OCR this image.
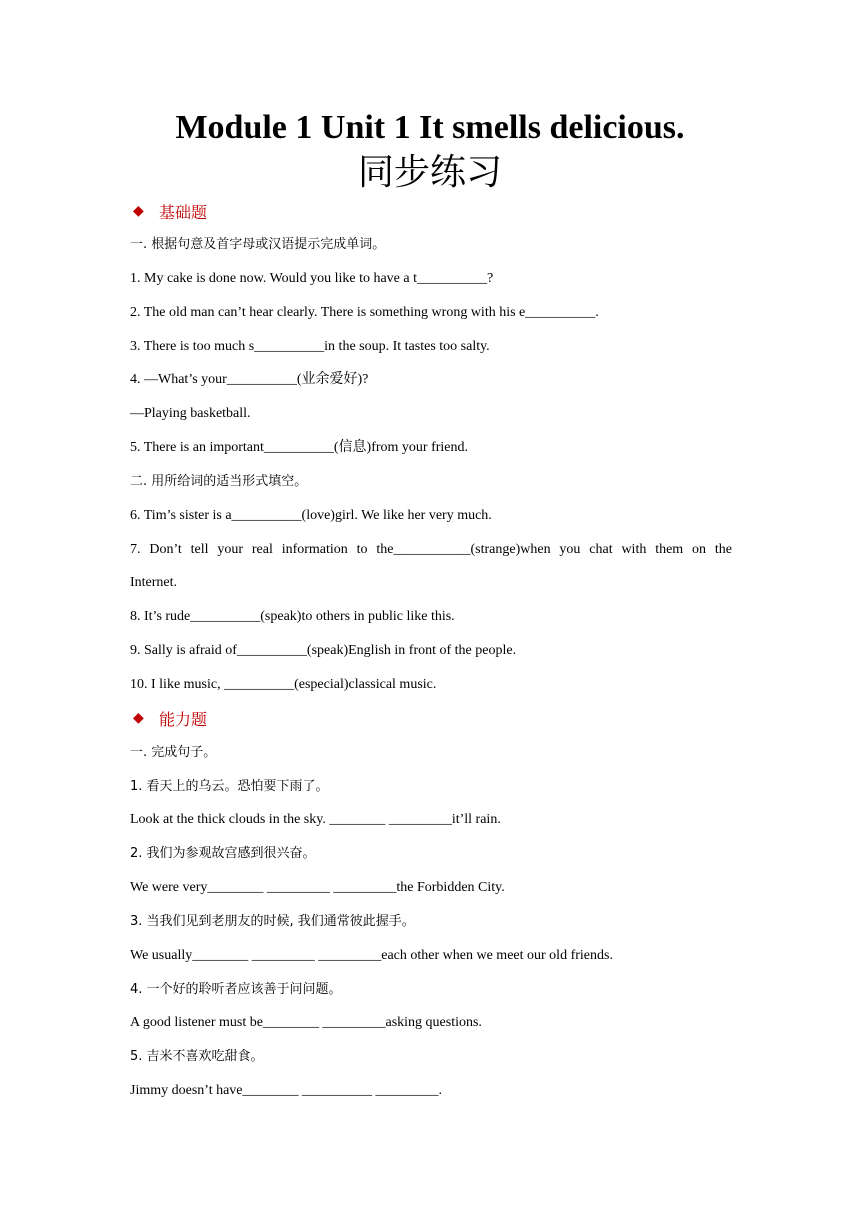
Module 1 Unit 1 It smells delicious.
同步练习
◆ 基础题
一. 根据句意及首字母或汉语提示完成单词。
1. My cake is done now. Would you like to have a t__________?
2. The old man can’t hear clearly. There is something wrong with his e__________.
3. There is too much s__________in the soup. It tastes too salty.
4. —What’s your__________(业余爱好)?
—Playing basketball.
5. There is an important__________(信息)from your friend.
二. 用所给词的适当形式填空。
6. Tim’s sister is a__________(love)girl. We like her very much.
7. Don’t tell your real information to the___________(strange)when you chat with them on the
Internet.
8. It’s rude__________(speak)to others in public like this.
9. Sally is afraid of__________(speak)English in front of the people.
10. I like music, __________(especial)classical music.
◆ 能力题
一. 完成句子。
1. 看天上的乌云。恐怕要下雨了。
Look at the thick clouds in the sky. ________ _________it’ll rain.
2. 我们为参观故宫感到很兴奋。
We were very________ _________ _________the Forbidden City.
3. 当我们见到老朋友的时候, 我们通常彼此握手。
We usually________ _________ _________each other when we meet our old friends.
4. 一个好的聆听者应该善于问问题。
A good listener must be________ _________asking questions.
5. 吉米不喜欢吃甜食。
Jimmy doesn’t have________ __________ _________.
